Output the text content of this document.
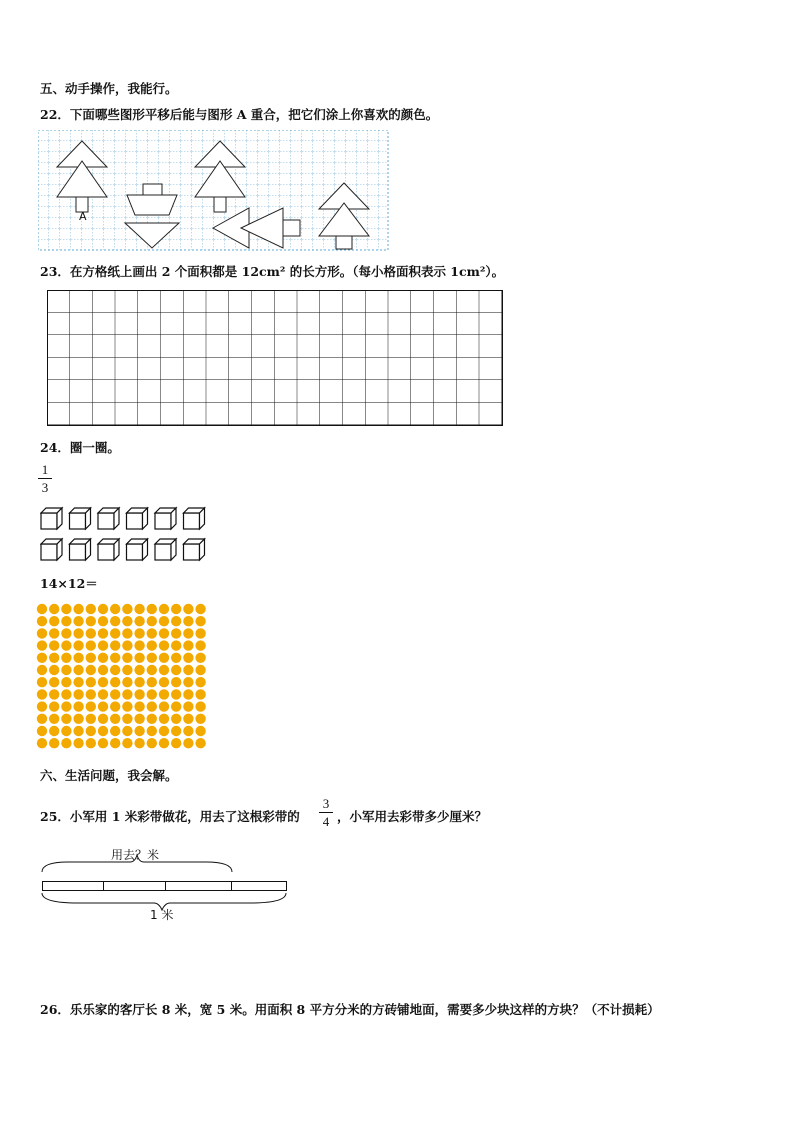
五、动手操作，我能行。
22．下面哪些图形平移后能与图形 A 重合，把它们涂上你喜欢的颜色。
A
23．在方格纸上画出 2 个面积都是 12cm² 的长方形。（每小格面积表示 1cm²）。
24．圈一圈。
1
3
14×12＝
六、生活问题，我会解。
25．小军用 1 米彩带做花，用去了这根彩带的
3
4 ，小军用去彩带多少厘米？
用去？米
1 米
26．乐乐家的客厅长 8 米，宽 5 米。用面积 8 平方分米的方砖铺地面，需要多少块这样的方块？（不计损耗）
